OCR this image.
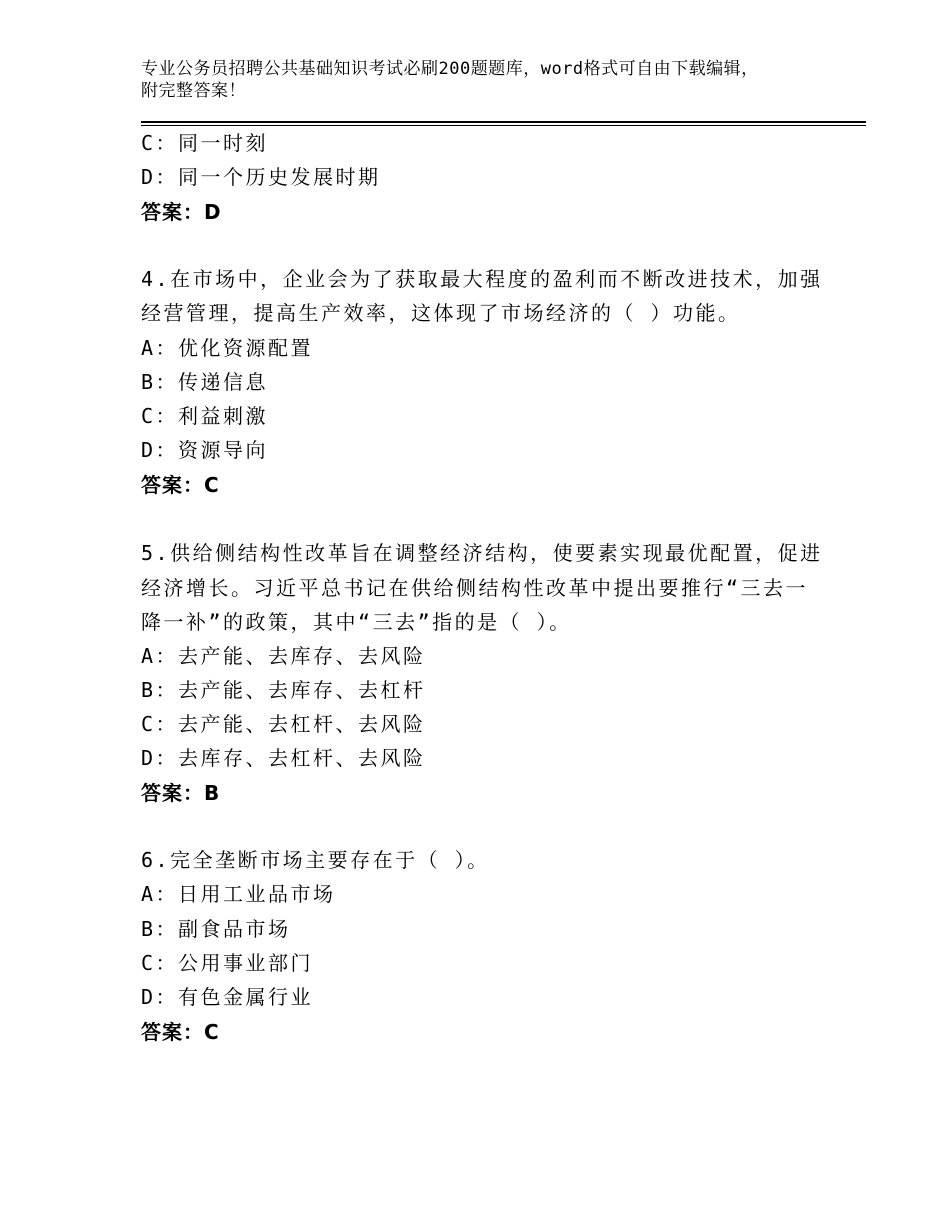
专业公务员招聘公共基础知识考试必刷200题题库，word格式可自由下载编辑，
附完整答案！
C：同一时刻
D：同一个历史发展时期
答案：D
4.在市场中，企业会为了获取最大程度的盈利而不断改进技术，加强
经营管理，提高生产效率，这体现了市场经济的（ ）功能。
A：优化资源配置
B：传递信息
C：利益刺激
D：资源导向
答案：C
5.供给侧结构性改革旨在调整经济结构，使要素实现最优配置，促进
经济增长。习近平总书记在供给侧结构性改革中提出要推行“三去一
降一补”的政策，其中“三去”指的是（ ）。
A：去产能、去库存、去风险
B：去产能、去库存、去杠杆
C：去产能、去杠杆、去风险
D：去库存、去杠杆、去风险
答案：B
6.完全垄断市场主要存在于（ ）。
A：日用工业品市场
B：副食品市场
C：公用事业部门
D：有色金属行业
答案：C
